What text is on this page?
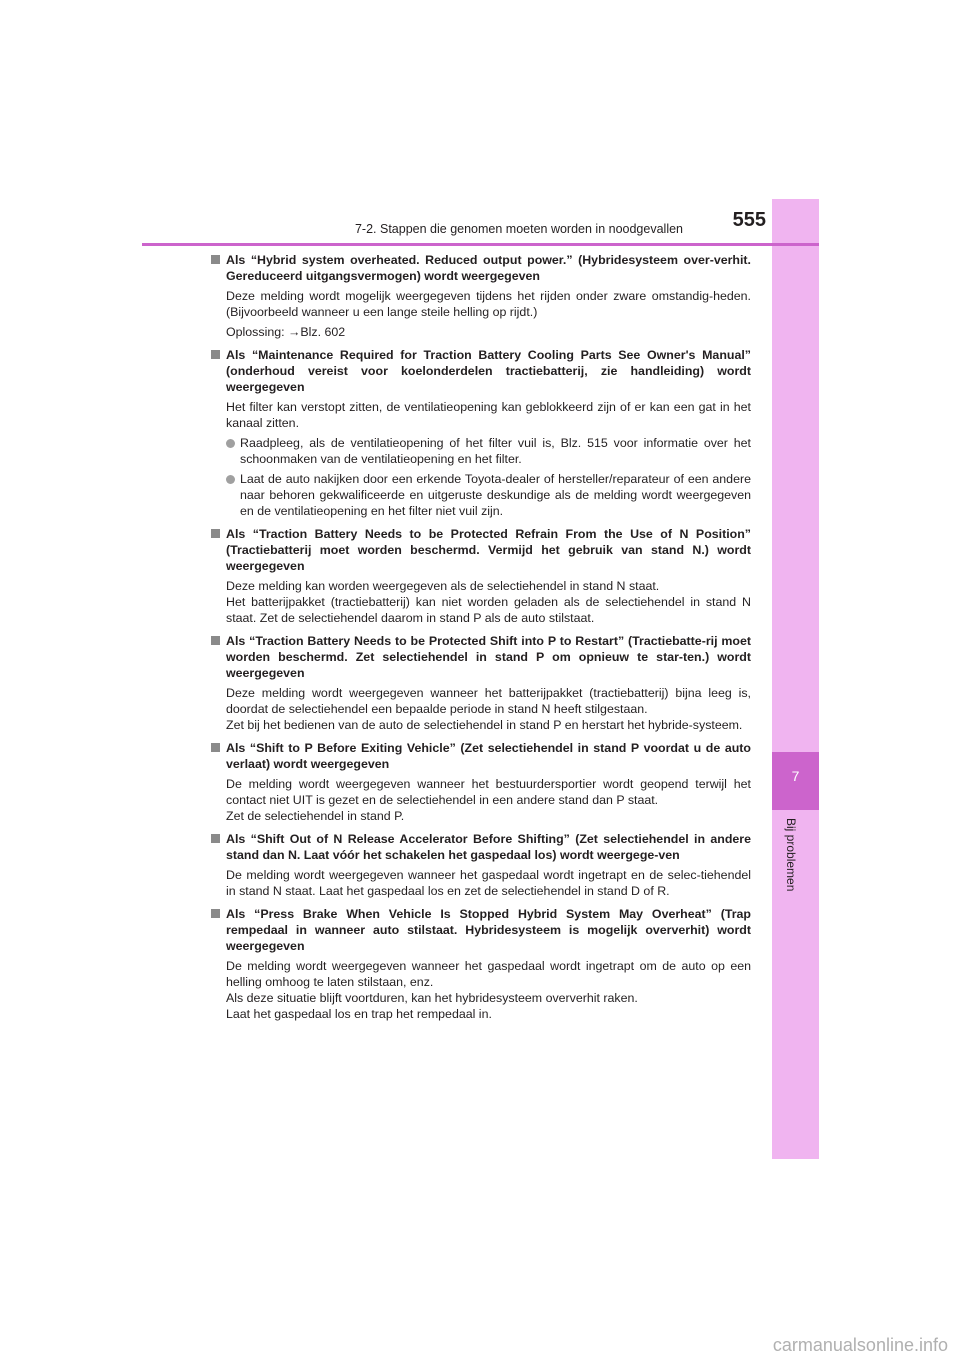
7
Bij problemen
7-2. Stappen die genomen moeten worden in noodgevallen 555
Als “Hybrid system overheated. Reduced output power.” (Hybridesysteem over-verhit. Gereduceerd uitgangsvermogen) wordt weergegeven
Deze melding wordt mogelijk weergegeven tijdens het rijden onder zware omstandig-heden. (Bijvoorbeeld wanneer u een lange steile helling op rijdt.)
Oplossing: →Blz. 602
Als “Maintenance Required for Traction Battery Cooling Parts See Owner's Manual” (onderhoud vereist voor koelonderdelen tractiebatterij, zie handleiding) wordt weergegeven
Het filter kan verstopt zitten, de ventilatieopening kan geblokkeerd zijn of er kan een gat in het kanaal zitten.
Raadpleeg, als de ventilatieopening of het filter vuil is, Blz. 515 voor informatie over het schoonmaken van de ventilatieopening en het filter.
Laat de auto nakijken door een erkende Toyota-dealer of hersteller/reparateur of een andere naar behoren gekwalificeerde en uitgeruste deskundige als de melding wordt weergegeven en de ventilatieopening en het filter niet vuil zijn.
Als “Traction Battery Needs to be Protected Refrain From the Use of N Position” (Tractiebatterij moet worden beschermd. Vermijd het gebruik van stand N.) wordt weergegeven
Deze melding kan worden weergegeven als de selectiehendel in stand N staat.
Het batterijpakket (tractiebatterij) kan niet worden geladen als de selectiehendel in stand N staat. Zet de selectiehendel daarom in stand P als de auto stilstaat.
Als “Traction Battery Needs to be Protected Shift into P to Restart” (Tractiebatte-rij moet worden beschermd. Zet selectiehendel in stand P om opnieuw te star-ten.) wordt weergegeven
Deze melding wordt weergegeven wanneer het batterijpakket (tractiebatterij) bijna leeg is, doordat de selectiehendel een bepaalde periode in stand N heeft stilgestaan.
Zet bij het bedienen van de auto de selectiehendel in stand P en herstart het hybride-systeem.
Als “Shift to P Before Exiting Vehicle” (Zet selectiehendel in stand P voordat u de auto verlaat) wordt weergegeven
De melding wordt weergegeven wanneer het bestuurdersportier wordt geopend terwijl het contact niet UIT is gezet en de selectiehendel in een andere stand dan P staat.
Zet de selectiehendel in stand P.
Als “Shift Out of N Release Accelerator Before Shifting” (Zet selectiehendel in andere stand dan N. Laat vóór het schakelen het gaspedaal los) wordt weergege-ven
De melding wordt weergegeven wanneer het gaspedaal wordt ingetrapt en de selec-tiehendel in stand N staat. Laat het gaspedaal los en zet de selectiehendel in stand D of R.
Als “Press Brake When Vehicle Is Stopped Hybrid System May Overheat” (Trap rempedaal in wanneer auto stilstaat. Hybridesysteem is mogelijk oververhit) wordt weergegeven
De melding wordt weergegeven wanneer het gaspedaal wordt ingetrapt om de auto op een helling omhoog te laten stilstaan, enz.
Als deze situatie blijft voortduren, kan het hybridesysteem oververhit raken.
Laat het gaspedaal los en trap het rempedaal in.
carmanualsonline.info
